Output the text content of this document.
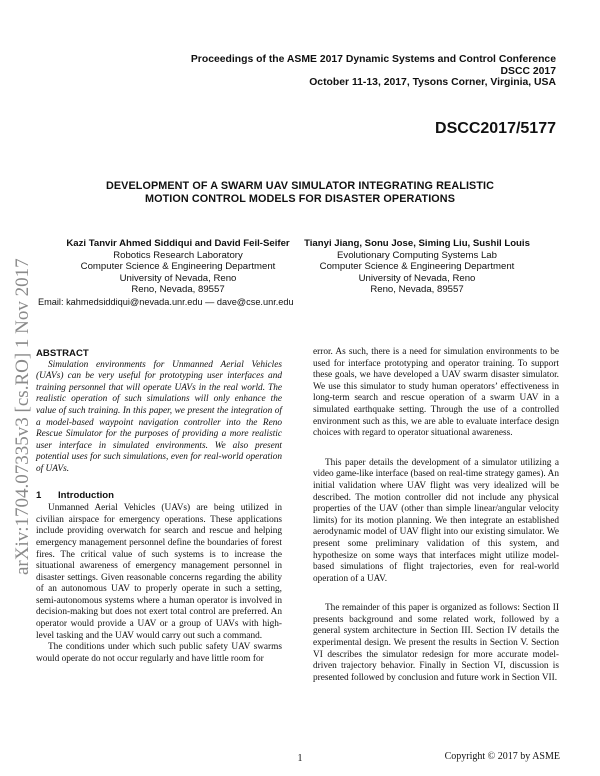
Proceedings of the ASME 2017 Dynamic Systems and Control Conference
DSCC 2017
October 11-13, 2017, Tysons Corner, Virginia, USA
DSCC2017/5177
DEVELOPMENT OF A SWARM UAV SIMULATOR INTEGRATING REALISTIC
MOTION CONTROL MODELS FOR DISASTER OPERATIONS
Kazi Tanvir Ahmed Siddiqui and David Feil-Seifer
Robotics Research Laboratory
Computer Science & Engineering Department
University of Nevada, Reno
Reno, Nevada, 89557
Tianyi Jiang, Sonu Jose, Siming Liu, Sushil Louis
Evolutionary Computing Systems Lab
Computer Science & Engineering Department
University of Nevada, Reno
Reno, Nevada, 89557
Email: kahmedsiddiqui@nevada.unr.edu — dave@cse.unr.edu
arXiv:1704.07335v3 [cs.RO] 1 Nov 2017 ABSTRACT

Simulation environments for Unmanned Aerial Vehicles (UAVs) can be very useful for prototyping user interfaces and training personnel that will operate UAVs in the real world. The realistic operation of such simulations will only enhance the value of such training. In this paper, we present the integration of a model-based waypoint navigation controller into the Reno Rescue Simulator for the purposes of providing a more realistic user interface in simulated environments. We also present potential uses for such simulations, even for real-world operation of UAVs.

1 Introduction

Unmanned Aerial Vehicles (UAVs) are being utilized in civilian airspace for emergency operations. These applications include providing overwatch for search and rescue and helping emergency management personnel define the boundaries of forest fires. The critical value of such systems is to increase the situational awareness of emergency management personnel in disaster settings. Given reasonable concerns regarding the ability of an autonomous UAV to properly operate in such a setting, semi-autonomous systems where a human operator is involved in decision-making but does not exert total control are preferred. An operator would provide a UAV or a group of UAVs with high-level tasking and the UAV would carry out such a command.

The conditions under which such public safety UAV swarms would operate do not occur regularly and have little room for

error. As such, there is a need for simulation environments to be used for interface prototyping and operator training. To support these goals, we have developed a UAV swarm disaster simulator. We use this simulator to study human operators’ effectiveness in long-term search and rescue operation of a swarm UAV in a simulated earthquake setting. Through the use of a controlled environment such as this, we are able to evaluate interface design choices with regard to operator situational awareness.

This paper details the development of a simulator utilizing a video game-like interface (based on real-time strategy games). An initial validation where UAV flight was very idealized will be described. The motion controller did not include any physical properties of the UAV (other than simple linear/angular velocity limits) for its motion planning. We then integrate an established aerodynamic model of UAV flight into our existing simulator. We present some preliminary validation of this system, and hypothesize on some ways that interfaces might utilize model-based simulations of flight trajectories, even for real-world operation of a UAV.

The remainder of this paper is organized as follows: Section II presents background and some related work, followed by a general system architecture in Section III. Section IV details the experimental design. We present the results in Section V. Section VI describes the simulator redesign for more accurate model-driven trajectory behavior. Finally in Section VI, discussion is presented followed by conclusion and future work in Section VII.

1	Copyright © 2017 by ASME
